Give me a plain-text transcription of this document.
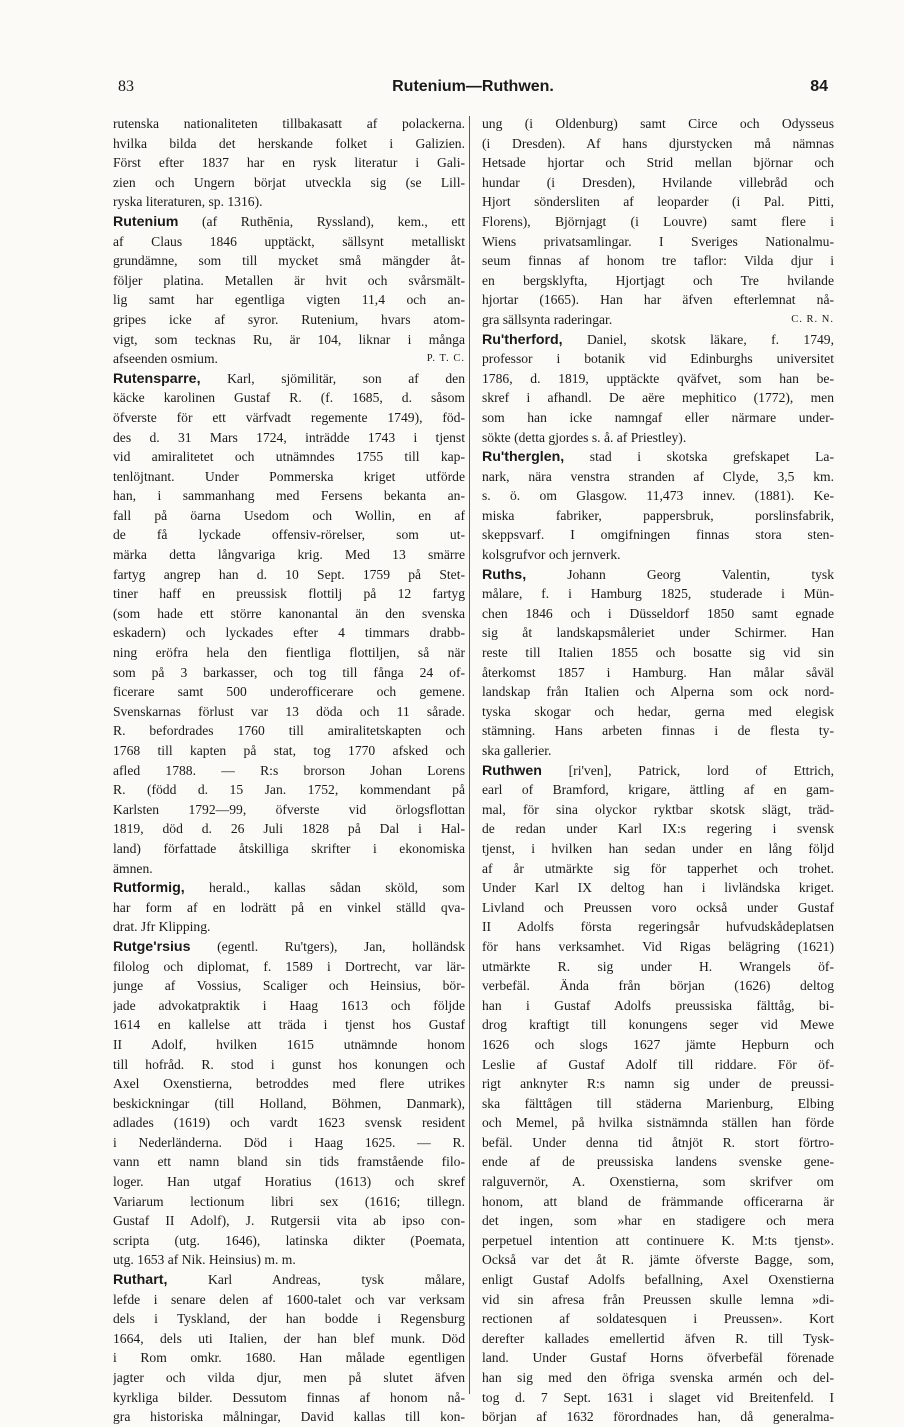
83	Rutenium—Ruthwen.	84
rutenska nationaliteten tillbakasatt af polackerna.
hvilka bilda det herskande folket i Galizien.
Först efter 1837 har en rysk literatur i Gali-
zien och Ungern börjat utveckla sig (se Lill-
ryska literaturen, sp. 1316).
Rutenium (af Ruthēnia, Ryssland), kem., ett
af Claus 1846 upptäckt, sällsynt metalliskt
grundämne, som till mycket små mängder åt-
följer platina. Metallen är hvit och svårsmält-
lig samt har egentliga vigten 11,4 och an-
gripes icke af syror. Rutenium, hvars atom-
vigt, som tecknas Ru, är 104, liknar i många
afseenden osmium.	P. T. C.
Rutensparre, Karl, sjömilitär, son af den
käcke karolinen Gustaf R. (f. 1685, d. såsom
öfverste för ett värfvadt regemente 1749), föd-
des d. 31 Mars 1724, inträdde 1743 i tjenst
vid amiralitetet och utnämndes 1755 till kap-
tenlöjtnant. Under Pommerska kriget utförde
han, i sammanhang med Fersens bekanta an-
fall på öarna Usedom och Wollin, en af
de få lyckade offensiv-rörelser, som ut-
märka detta långvariga krig. Med 13 smärre
fartyg angrep han d. 10 Sept. 1759 på Stet-
tiner haff en preussisk flottilj på 12 fartyg
(som hade ett större kanonantal än den svenska
eskadern) och lyckades efter 4 timmars drabb-
ning eröfra hela den fientliga flottiljen, så när
som på 3 barkasser, och tog till fånga 24 of-
ficerare samt 500 underofficerare och gemene.
Svenskarnas förlust var 13 döda och 11 sårade.
R. befordrades 1760 till amiralitetskapten och
1768 till kapten på stat, tog 1770 afsked och
afled 1788. — R:s brorson Johan Lorens
R. (född d. 15 Jan. 1752, kommendant på
Karlsten 1792—99, öfverste vid örlogsflottan
1819, död d. 26 Juli 1828 på Dal i Hal-
land) författade åtskilliga skrifter i ekonomiska
ämnen.
Rutformig, herald., kallas sådan sköld, som
har form af en lodrätt på en vinkel ställd qva-
drat. Jfr Klipping.
Rutge'rsius (egentl. Ru'tgers), Jan, holländsk
filolog och diplomat, f. 1589 i Dortrecht, var lär-
junge af Vossius, Scaliger och Heinsius, bör-
jade advokatpraktik i Haag 1613 och följde
1614 en kallelse att träda i tjenst hos Gustaf
II Adolf, hvilken 1615 utnämnde honom
till hofråd. R. stod i gunst hos konungen och
Axel Oxenstierna, betroddes med flere utrikes
beskickningar (till Holland, Böhmen, Danmark),
adlades (1619) och vardt 1623 svensk resident
i Nederländerna. Död i Haag 1625. — R.
vann ett namn bland sin tids framstående filo-
loger. Han utgaf Horatius (1613) och skref
Variarum lectionum libri sex (1616; tillegn.
Gustaf II Adolf), J. Rutgersii vita ab ipso con-
scripta (utg. 1646), latinska dikter (Poemata,
utg. 1653 af Nik. Heinsius) m. m.
Ruthart, Karl Andreas, tysk målare,
lefde i senare delen af 1600-talet och var verksam
dels i Tyskland, der han bodde i Regensburg
1664, dels uti Italien, der han blef munk. Död
i Rom omkr. 1680. Han målade egentligen
jagter och vilda djur, men på slutet äfven
kyrkliga bilder. Dessutom finnas af honom nå-
gra historiska målningar, David kallas till kon-
ung (i Oldenburg) samt Circe och Odysseus
(i Dresden). Af hans djurstycken må nämnas
Hetsade hjortar och Strid mellan björnar och
hundar (i Dresden), Hvilande villebråd och
Hjort sönderslitеn af leoparder (i Pal. Pitti,
Florens), Björnjagt (i Louvre) samt flere i
Wiens privatsamlingar. I Sveriges Nationalmu-
seum finnas af honom tre taflor: Vilda djur i
en bergsklyfta, Hjortjagt och Tre hvilande
hjortar (1665). Han har äfven efterlemnat nå-
gra sällsynta raderingar.	C. R. N.
Ru'therford, Daniel, skotsk läkare, f. 1749,
professor i botanik vid Edinburghs universitet
1786, d. 1819, upptäckte qväfvet, som han be-
skref i afhandl. De aëre mephitico (1772), men
som han icke namngaf eller närmare under-
sökte (detta gjordes s. å. af Priestley).
Ru'therglen, stad i skotska grefskapet La-
nark, nära venstra stranden af Clyde, 3,5 km.
s. ö. om Glasgow. 11,473 innev. (1881). Ke-
miska fabriker, pappersbruk, porslinsfabrik,
skeppsvarf. I omgifningen finnas stora sten-
kolsgrufvor och jernverk.
Ruths, Johann Georg Valentin, tysk
målare, f. i Hamburg 1825, studerade i Mün-
chen 1846 och i Düsseldorf 1850 samt egnade
sig åt landskapsmåleriet under Schirmer. Han
reste till Italien 1855 och bosatte sig vid sin
återkomst 1857 i Hamburg. Han målar såväl
landskap från Italien och Alperna som ock nord-
tyska skogar och hedar, gerna med elegisk
stämning. Hans arbeten finnas i de flesta ty-
ska gallerier.
Ruthwen [ri'ven], Patrick, lord of Ettrich,
earl of Bramford, krigare, ättling af en gam-
mal, för sina olyckor ryktbar skotsk slägt, träd-
de redan under Karl IX:s regering i svensk
tjenst, i hvilken han sedan under en lång följd
af år utmärkte sig för tapperhet och trohet.
Under Karl IX deltog han i livländska kriget.
Livland och Preussen voro också under Gustaf
II Adolfs första regeringsår hufvudskådeplatsen
för hans verksamhet. Vid Rigas belägring (1621)
utmärkte R. sig under H. Wrangels öf-
verbefäl. Ända från början (1626) deltog
han i Gustaf Adolfs preussiska fälttåg, bi-
drog kraftigt till konungens seger vid Mewe
1626 och slogs 1627 jämte Hepburn och
Leslie af Gustaf Adolf till riddare. För öf-
rigt anknyter R:s namn sig under de preussi-
ska fälttågen till städerna Marienburg, Elbing
och Memel, på hvilka sistnämnda ställen han förde
befäl. Under denna tid åtnjöt R. stort förtro-
ende af de preussiska landens svenske gene-
ralguvernör, A. Oxenstierna, som skrifver om
honom, att bland de främmande officerarna är
det ingen, som »har en stadigere och mera
perpetuel intention att continuere K. M:ts tjenst».
Också var det åt R. jämte öfverste Bagge, som,
enligt Gustaf Adolfs befallning, Axel Oxenstierna
vid sin afresa från Preussen skulle lemna »di-
rectionen af soldatesquen i Preussen». Kort
derefter kallades emellertid äfven R. till Tysk-
land. Under Gustaf Horns öfverbefäl förenade
han sig med den öfriga svenska armén och del-
tog d. 7 Sept. 1631 i slaget vid Breitenfeld. I
början af 1632 förordnades han, då generalma-
